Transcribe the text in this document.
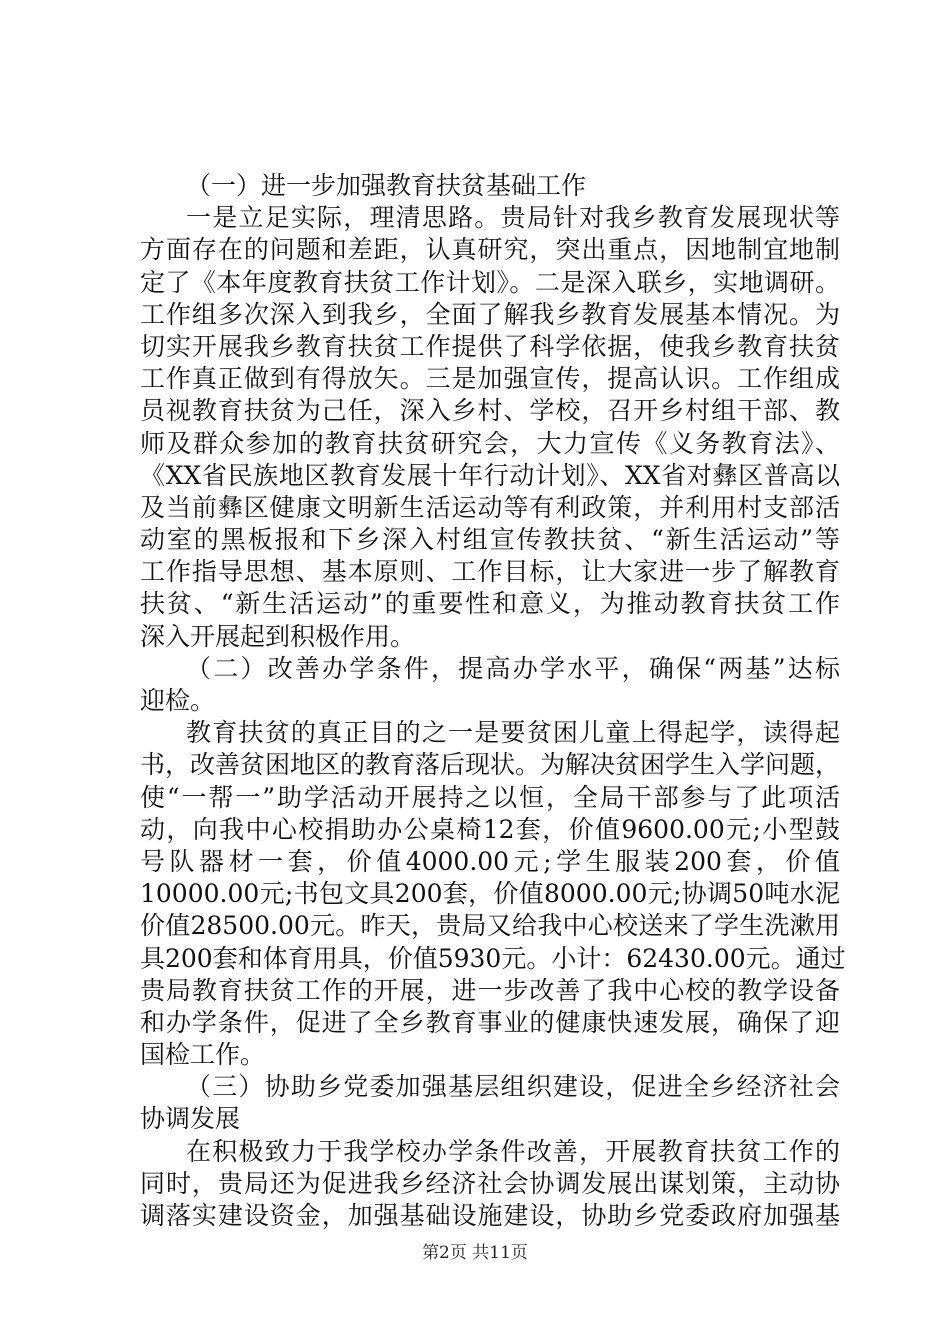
（一）进一步加强教育扶贫基础工作
一是立足实际，理清思路。贵局针对我乡教育发展现状等
方面存在的问题和差距，认真研究，突出重点，因地制宜地制
定了《本年度教育扶贫工作计划》。二是深入联乡，实地调研。
工作组多次深入到我乡，全面了解我乡教育发展基本情况。为
切实开展我乡教育扶贫工作提供了科学依据，使我乡教育扶贫
工作真正做到有得放矢。三是加强宣传，提高认识。工作组成
员视教育扶贫为己任，深入乡村、学校，召开乡村组干部、教
师及群众参加的教育扶贫研究会，大力宣传《义务教育法》、
《XX省民族地区教育发展十年行动计划》、XX省对彝区普高以
及当前彝区健康文明新生活运动等有利政策，并利用村支部活
动室的黑板报和下乡深入村组宣传教扶贫、“新生活运动”等
工作指导思想、基本原则、工作目标，让大家进一步了解教育
扶贫、“新生活运动”的重要性和意义，为推动教育扶贫工作
深入开展起到积极作用。
（二）改善办学条件，提高办学水平，确保“两基”达标
迎检。
教育扶贫的真正目的之一是要贫困儿童上得起学，读得起
书，改善贫困地区的教育落后现状。为解决贫困学生入学问题，
使“一帮一”助学活动开展持之以恒，全局干部参与了此项活
动，向我中心校捐助办公桌椅12套，价值9600.00元;小型鼓
号队器材一套，价值4000.00元;学生服装200套，价值
10000.00元;书包文具200套，价值8000.00元;协调50吨水泥
价值28500.00元。昨天，贵局又给我中心校送来了学生洗漱用
具200套和体育用具，价值5930元。小计：62430.00元。通过
贵局教育扶贫工作的开展，进一步改善了我中心校的教学设备
和办学条件，促进了全乡教育事业的健康快速发展，确保了迎
国检工作。
（三）协助乡党委加强基层组织建设，促进全乡经济社会
协调发展
在积极致力于我学校办学条件改善，开展教育扶贫工作的
同时，贵局还为促进我乡经济社会协调发展出谋划策，主动协
调落实建设资金，加强基础设施建设，协助乡党委政府加强基
第2页 共11页
